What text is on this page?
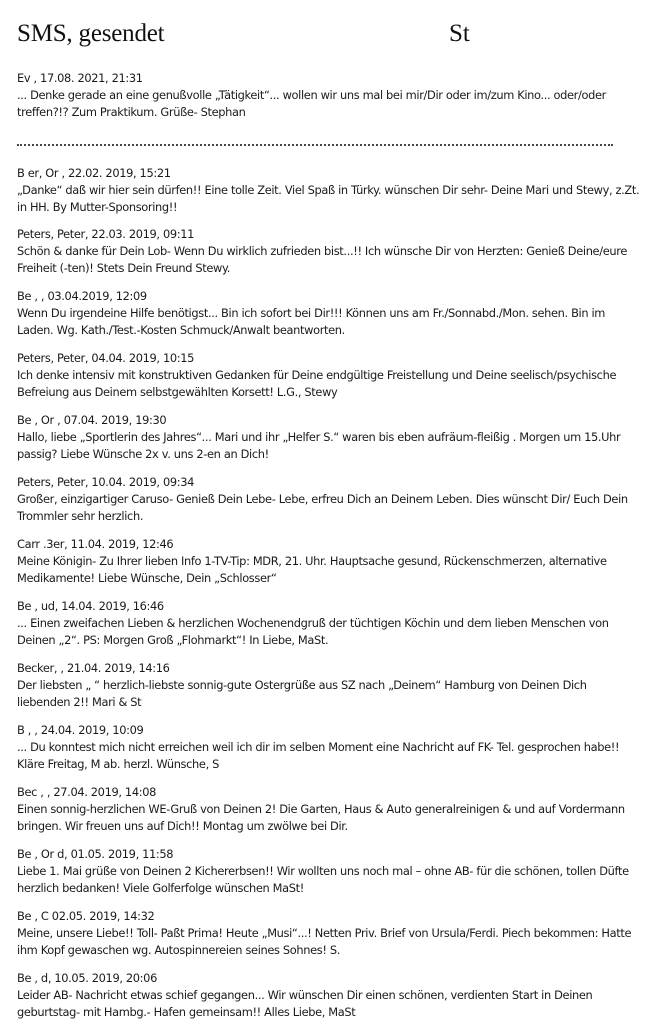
SMS, gesendet	St
Ev , 17.08. 2021, 21:31
... Denke gerade an eine genußvolle „Tätigkeit“... wollen wir uns mal bei mir/Dir oder im/zum Kino... oder/oder treffen?!? Zum Praktikum. Grüße- Stephan
B er, Or , 22.02. 2019, 15:21
„Danke“ daß wir hier sein dürfen!! Eine tolle Zeit. Viel Spaß in Türky. wünschen Dir sehr- Deine Mari und Stewy, z.Zt. in HH. By Mutter-Sponsoring!!
Peters, Peter, 22.03. 2019, 09:11
Schön & danke für Dein Lob- Wenn Du wirklich zufrieden bist...!! Ich wünsche Dir von Herzten: Genieß Deine/eure Freiheit (-ten)! Stets Dein Freund Stewy.
Be , , 03.04.2019, 12:09
Wenn Du irgendeine Hilfe benötigst... Bin ich sofort bei Dir!!! Können uns am Fr./Sonnabd./Mon. sehen. Bin im Laden. Wg. Kath./Test.-Kosten Schmuck/Anwalt beantworten.
Peters, Peter, 04.04. 2019, 10:15
Ich denke intensiv mit konstruktiven Gedanken für Deine endgültige Freistellung und Deine seelisch/psychische Befreiung aus Deinem selbstgewählten Korsett! L.G., Stewy
Be , Or , 07.04. 2019, 19:30
Hallo, liebe „Sportlerin des Jahres“... Mari und ihr „Helfer S.“ waren bis eben aufräum-fleißig . Morgen um 15.Uhr passig? Liebe Wünsche 2x v. uns 2-en an Dich!
Peters, Peter, 10.04. 2019, 09:34
Großer, einzigartiger Caruso- Genieß Dein Lebe- Lebe, erfreu Dich an Deinem Leben. Dies wünscht Dir/ Euch Dein Trommler sehr herzlich.
Carr .3er, 11.04. 2019, 12:46
Meine Königin- Zu Ihrer lieben Info 1-TV-Tip: MDR, 21. Uhr. Hauptsache gesund, Rückenschmerzen, alternative Medikamente! Liebe Wünsche, Dein „Schlosser“
Be , ud, 14.04. 2019, 16:46
... Einen zweifachen Lieben & herzlichen Wochenendgruß der tüchtigen Köchin und dem lieben Menschen von Deinen „2“. PS: Morgen Groß „Flohmarkt“! In Liebe, MaSt.
Becker, , 21.04. 2019, 14:16
Der liebsten „ “ herzlich-liebste sonnig-gute Ostergrüße aus SZ nach „Deinem“ Hamburg von Deinen Dich liebenden 2!! Mari & St
B , , 24.04. 2019, 10:09
... Du konntest mich nicht erreichen weil ich dir im selben Moment eine Nachricht auf FK- Tel. gesprochen habe!! Kläre Freitag, M ab. herzl. Wünsche, S
Bec , , 27.04. 2019, 14:08
Einen sonnig-herzlichen WE-Gruß von Deinen 2! Die Garten, Haus & Auto generalreinigen & und auf Vordermann bringen. Wir freuen uns auf Dich!! Montag um zwölwe bei Dir.
Be , Or d, 01.05. 2019, 11:58
Liebe 1. Mai grüße von Deinen 2 Kichererbsen!! Wir wollten uns noch mal – ohne AB- für die schönen, tollen Düfte herzlich bedanken! Viele Golferfolge wünschen MaSt!
Be , C 02.05. 2019, 14:32
Meine, unsere Liebe!! Toll- Paßt Prima! Heute „Musi“...! Netten Priv. Brief von Ursula/Ferdi. Piech bekommen: Hatte ihm Kopf gewaschen wg. Autospinnereien seines Sohnes! S.
Be , d, 10.05. 2019, 20:06
Leider AB- Nachricht etwas schief gegangen... Wir wünschen Dir einen schönen, verdienten Start in Deinen geburtstag- mit Hambg.- Hafen gemeinsam!! Alles Liebe, MaSt
